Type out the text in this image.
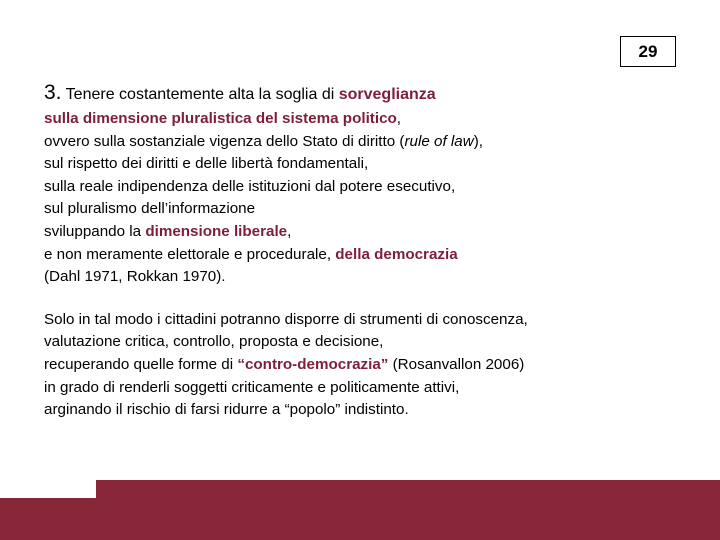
29
3. Tenere costantemente alta la soglia di sorveglianza
sulla dimensione pluralistica del sistema politico,
ovvero sulla sostanziale vigenza dello Stato di diritto (rule of law),
sul rispetto dei diritti e delle libertà fondamentali,
sulla reale indipendenza delle istituzioni dal potere esecutivo,
sul pluralismo dell’informazione
sviluppando la dimensione liberale,
e non meramente elettorale e procedurale, della democrazia
(Dahl 1971, Rokkan 1970).
Solo in tal modo i cittadini potranno disporre di strumenti di conoscenza,
valutazione critica, controllo, proposta e decisione,
recuperando quelle forme di “contro-democrazia” (Rosanvallon 2006)
in grado di renderli soggetti criticamente e politicamente attivi,
arginando il rischio di farsi ridurre a “popolo” indistinto.
